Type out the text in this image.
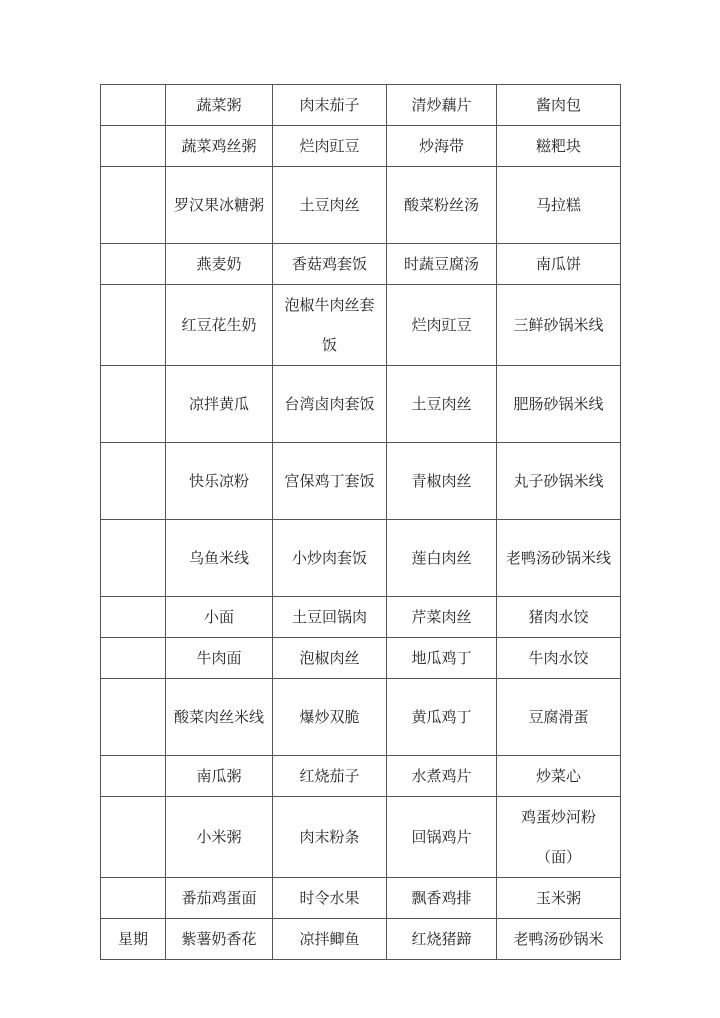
	蔬菜粥	肉末茄子	清炒藕片	酱肉包
	蔬菜鸡丝粥	烂肉豇豆	炒海带	糍粑块
	罗汉果冰糖粥	土豆肉丝	酸菜粉丝汤	马拉糕
	燕麦奶	香菇鸡套饭	时蔬豆腐汤	南瓜饼
	红豆花生奶	泡椒牛肉丝套饭	烂肉豇豆	三鲜砂锅米线
	凉拌黄瓜	台湾卤肉套饭	土豆肉丝	肥肠砂锅米线
	快乐凉粉	宫保鸡丁套饭	青椒肉丝	丸子砂锅米线
	乌鱼米线	小炒肉套饭	莲白肉丝	老鸭汤砂锅米线
	小面	土豆回锅肉	芹菜肉丝	猪肉水饺
	牛肉面	泡椒肉丝	地瓜鸡丁	牛肉水饺
	酸菜肉丝米线	爆炒双脆	黄瓜鸡丁	豆腐滑蛋
	南瓜粥	红烧茄子	水煮鸡片	炒菜心
	小米粥	肉末粉条	回锅鸡片	鸡蛋炒河粉（面）
	番茄鸡蛋面	时令水果	飘香鸡排	玉米粥
星期	紫薯奶香花	凉拌鲫鱼	红烧猪蹄	老鸭汤砂锅米
